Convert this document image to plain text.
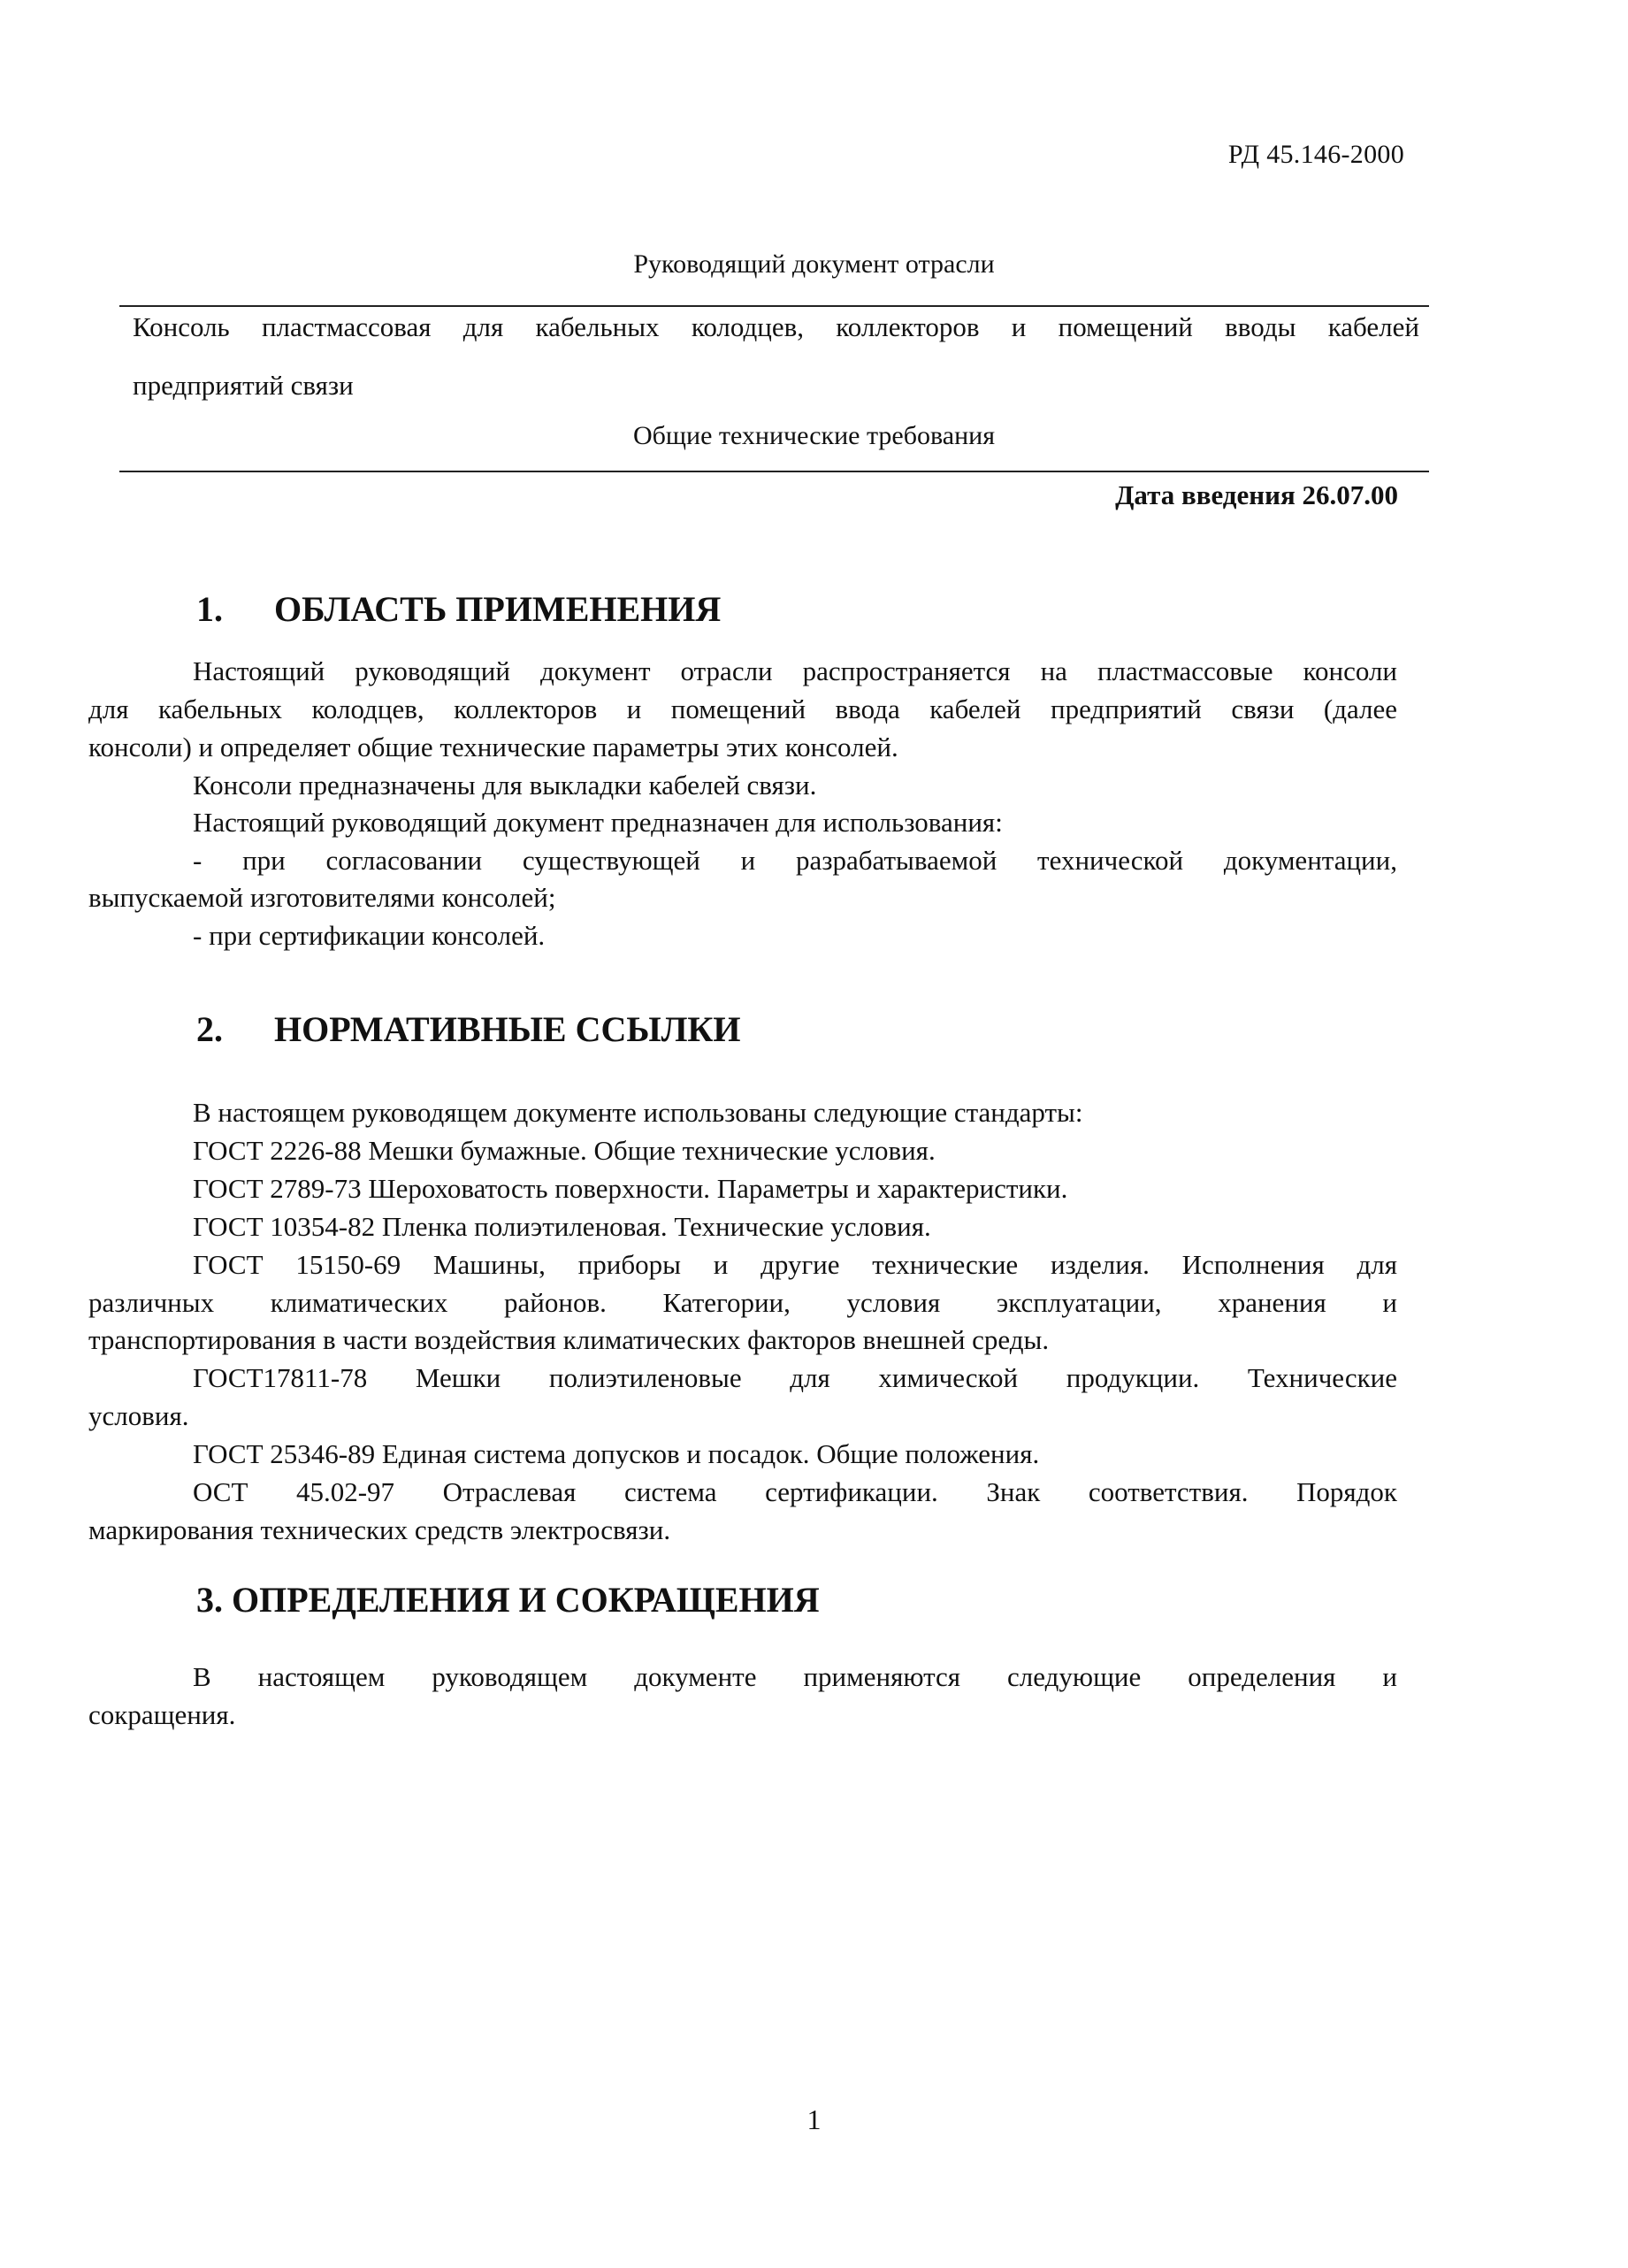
РД 45.146-2000
Руководящий документ отрасли
Консоль пластмассовая для кабельных колодцев, коллекторов и помещений вводы кабелей
предприятий связи
Общие технические требования
Дата введения 26.07.00
1. ОБЛАСТЬ ПРИМЕНЕНИЯ
Настоящий руководящий документ отрасли распространяется на пластмассовые консоли
для кабельных колодцев, коллекторов и помещений ввода кабелей предприятий связи (далее
консоли) и определяет общие технические параметры этих консолей.
Консоли предназначены для выкладки кабелей связи.
Настоящий руководящий документ предназначен для использования:
- при согласовании существующей и разрабатываемой технической документации,
выпускаемой изготовителями консолей;
- при сертификации консолей.
2. НОРМАТИВНЫЕ ССЫЛКИ
В настоящем руководящем документе использованы следующие стандарты:
ГОСТ 2226-88 Мешки бумажные. Общие технические условия.
ГОСТ 2789-73 Шероховатость поверхности. Параметры и характеристики.
ГОСТ 10354-82 Пленка полиэтиленовая. Технические условия.
ГОСТ 15150-69 Машины, приборы и другие технические изделия. Исполнения для
различных климатических районов. Категории, условия эксплуатации, хранения и
транспортирования в части воздействия климатических факторов внешней среды.
ГОСТ17811-78 Мешки полиэтиленовые для химической продукции. Технические
условия.
ГОСТ 25346-89 Единая система допусков и посадок. Общие положения.
ОСТ 45.02-97 Отраслевая система сертификации. Знак соответствия. Порядок
маркирования технических средств электросвязи.
3. ОПРЕДЕЛЕНИЯ И СОКРАЩЕНИЯ
В настоящем руководящем документе применяются следующие определения и
сокращения.
1
